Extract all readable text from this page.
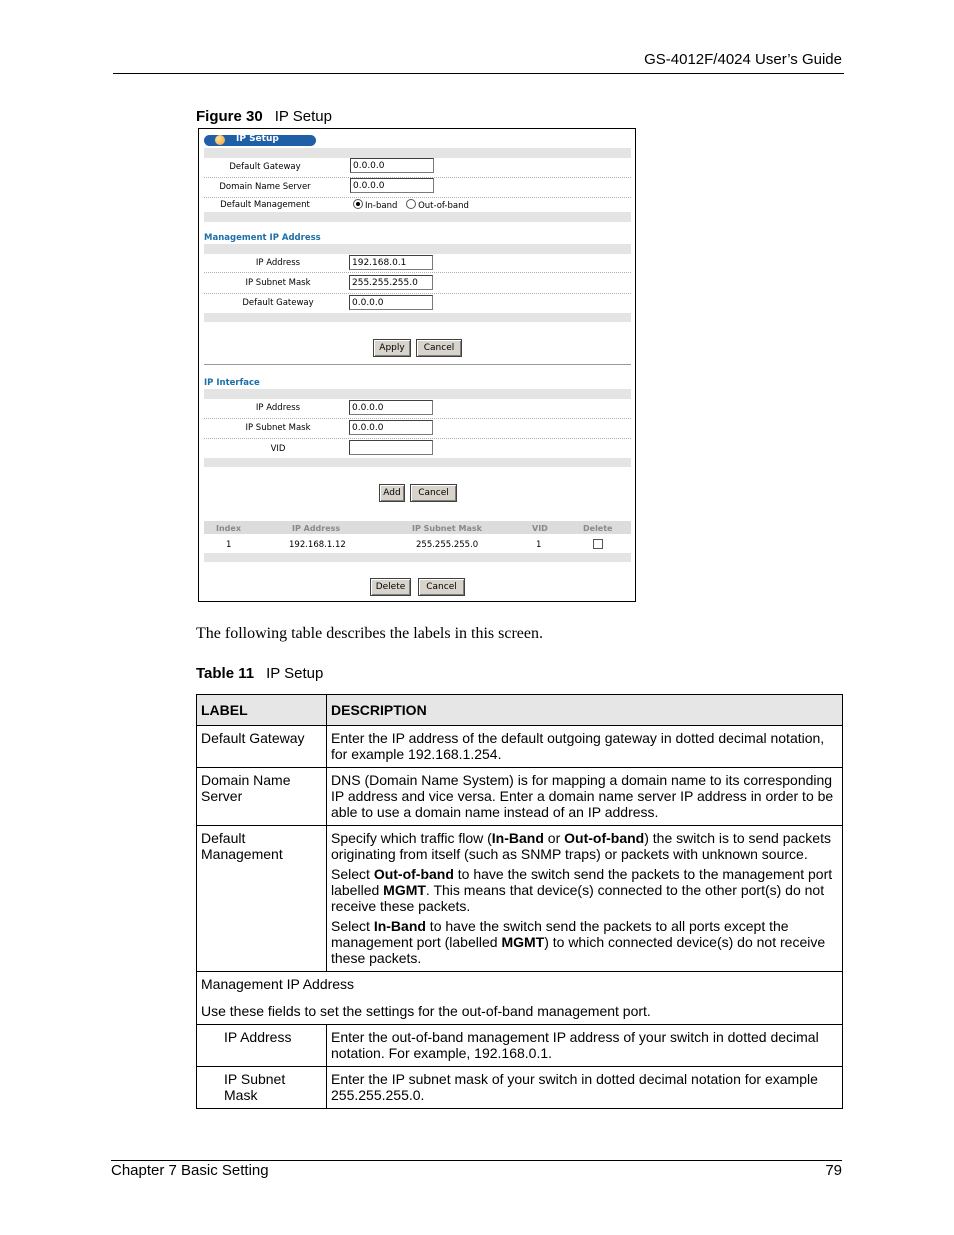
GS-4012F/4024 User’s Guide
Figure 30 IP Setup
IP Setup
Default Gateway	0.0.0.0
Domain Name Server	0.0.0.0
Default Management	In-band Out-of-band
Management IP Address
IP Address	192.168.0.1
IP Subnet Mask	255.255.255.0
Default Gateway	0.0.0.0
Apply	Cancel
IP Interface
IP Address	0.0.0.0
IP Subnet Mask	0.0.0.0
VID
Add	Cancel
Index	IP Address	IP Subnet Mask	VID	Delete
1	192.168.1.12	255.255.255.0	1
Delete	Cancel
The following table describes the labels in this screen.
Table 11 IP Setup
LABEL	DESCRIPTION
Default Gateway	Enter the IP address of the default outgoing gateway in dotted decimal notation, for example 192.168.1.254.
Domain Name Server	DNS (Domain Name System) is for mapping a domain name to its corresponding IP address and vice versa. Enter a domain name server IP address in order to be able to use a domain name instead of an IP address.
Default Management	Specify which traffic flow (In-Band or Out-of-band) the switch is to send packets originating from itself (such as SNMP traps) or packets with unknown source.

Select Out-of-band to have the switch send the packets to the management port labelled MGMT. This means that device(s) connected to the other port(s) do not receive these packets.

Select In-Band to have the switch send the packets to all ports except the management port (labelled MGMT) to which connected device(s) do not receive these packets.

Management IP Address
Use these fields to set the settings for the out-of-band management port.	

IP Address	Enter the out-of-band management IP address of your switch in dotted decimal notation. For example, 192.168.0.1.
IP Subnet Mask	Enter the IP subnet mask of your switch in dotted decimal notation for example 255.255.255.0.
Chapter 7 Basic Setting	79
